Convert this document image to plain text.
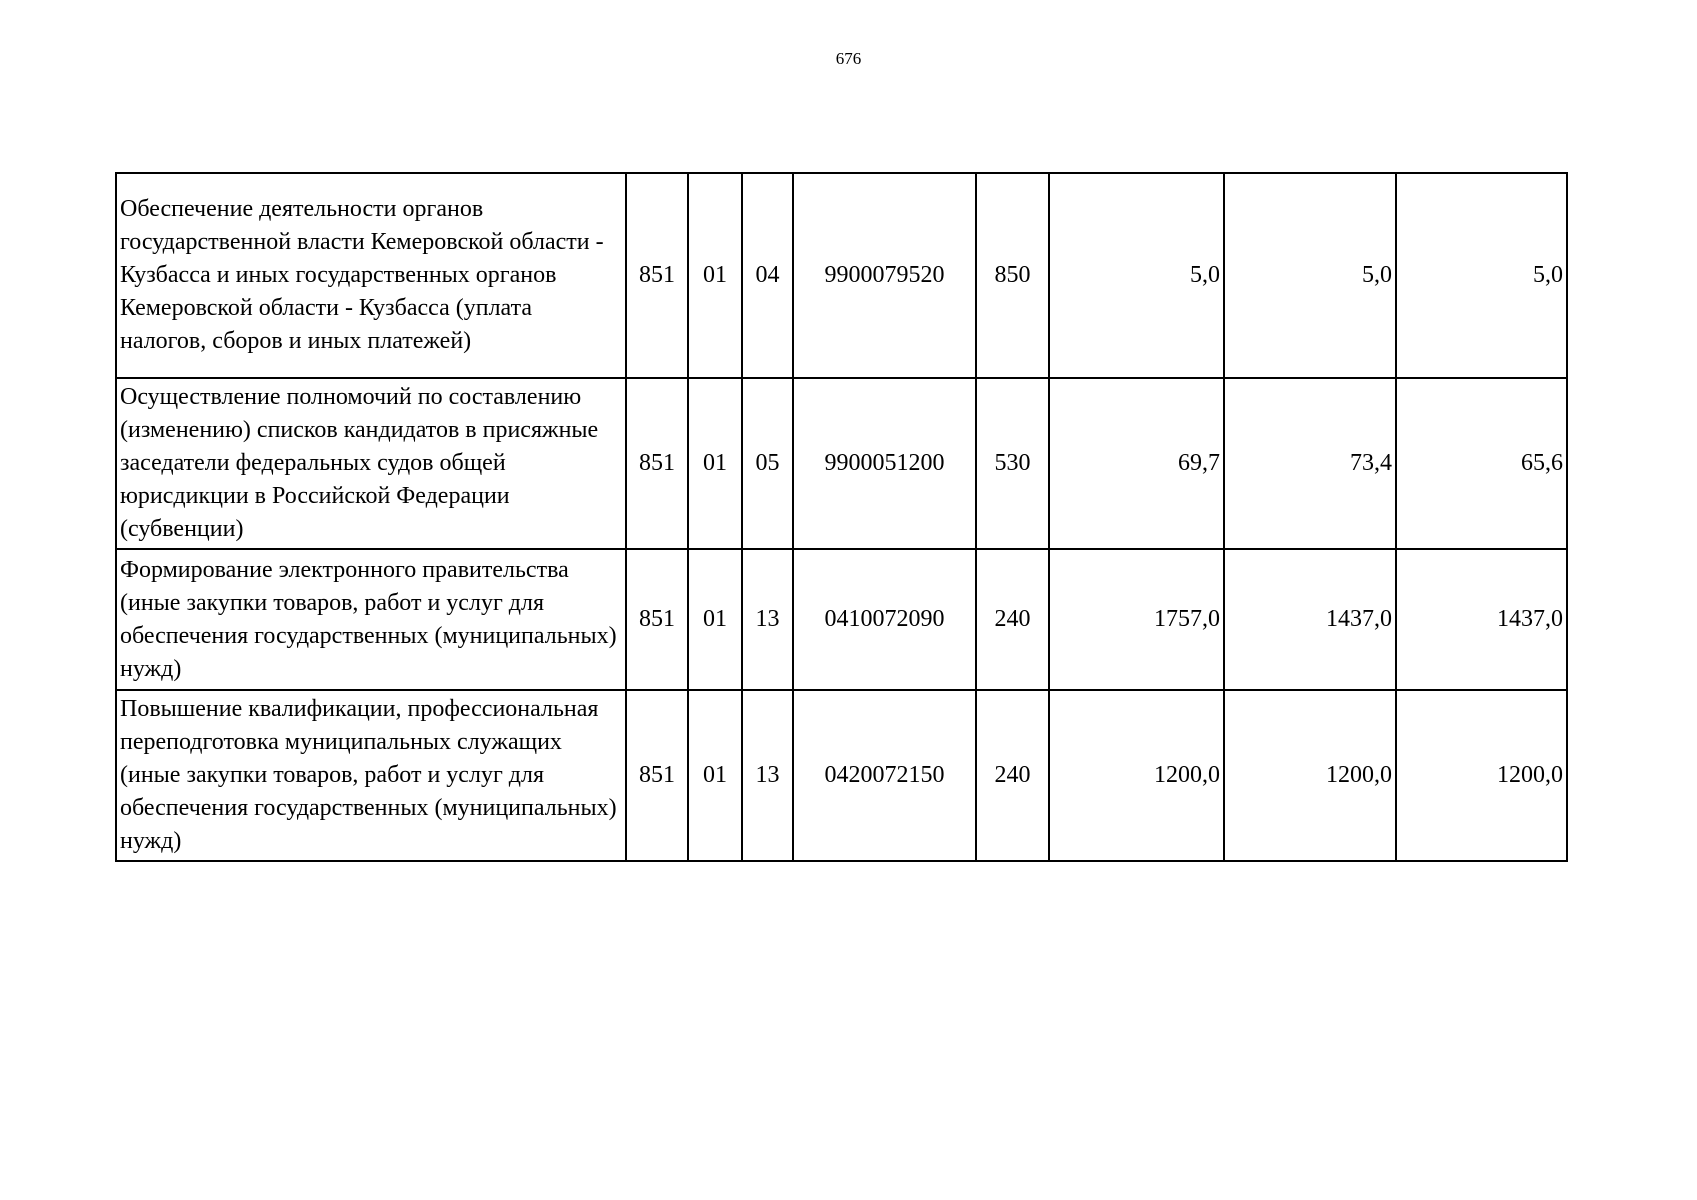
676
Обеспечение деятельности органов государственной власти Кемеровской области - Кузбасса и иных государственных органов Кемеровской области - Кузбасса (уплата налогов, сборов и иных платежей)	851	01	04	9900079520	850	5,0	5,0	5,0
Осуществление полномочий по составлению (изменению) списков кандидатов в присяжные заседатели федеральных судов общей юрисдикции в Российской Федерации (субвенции)	851	01	05	9900051200	530	69,7	73,4	65,6
Формирование электронного правительства (иные закупки товаров, работ и услуг для обеспечения государственных (муниципальных) нужд)	851	01	13	0410072090	240	1757,0	1437,0	1437,0
Повышение квалификации, профессиональная переподготовка муниципальных служащих (иные закупки товаров, работ и услуг для обеспечения государственных (муниципальных) нужд)	851	01	13	0420072150	240	1200,0	1200,0	1200,0
